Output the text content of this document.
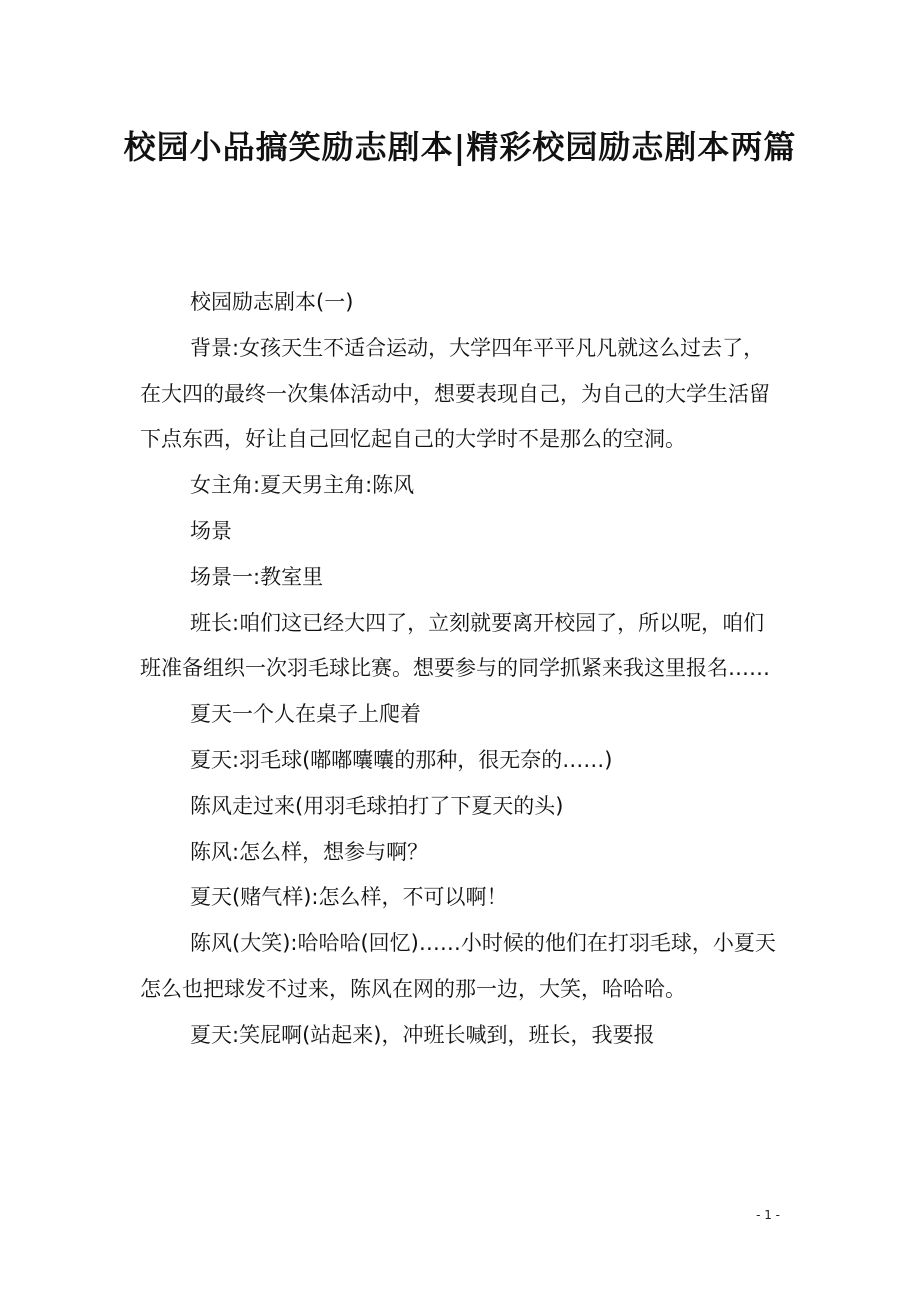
校园小品搞笑励志剧本|精彩校园励志剧本两篇

校园励志剧本(一)

背景:女孩天生不适合运动，大学四年平平凡凡就这么过去了，在大四的最终一次集体活动中，想要表现自己，为自己的大学生活留下点东西，好让自己回忆起自己的大学时不是那么的空洞。

女主角:夏天男主角:陈风

场景

场景一:教室里

班长:咱们这已经大四了，立刻就要离开校园了，所以呢，咱们班准备组织一次羽毛球比赛。想要参与的同学抓紧来我这里报名……

夏天一个人在桌子上爬着

夏天:羽毛球(嘟嘟囔囔的那种，很无奈的……)

陈风走过来(用羽毛球拍打了下夏天的头)

陈风:怎么样，想参与啊？

夏天(赌气样):怎么样，不可以啊！

陈风(大笑):哈哈哈(回忆)……小时候的他们在打羽毛球，小夏天怎么也把球发不过来，陈风在网的那一边，大笑，哈哈哈。

夏天:笑屁啊(站起来)，冲班长喊到，班长，我要报

- 1 -
